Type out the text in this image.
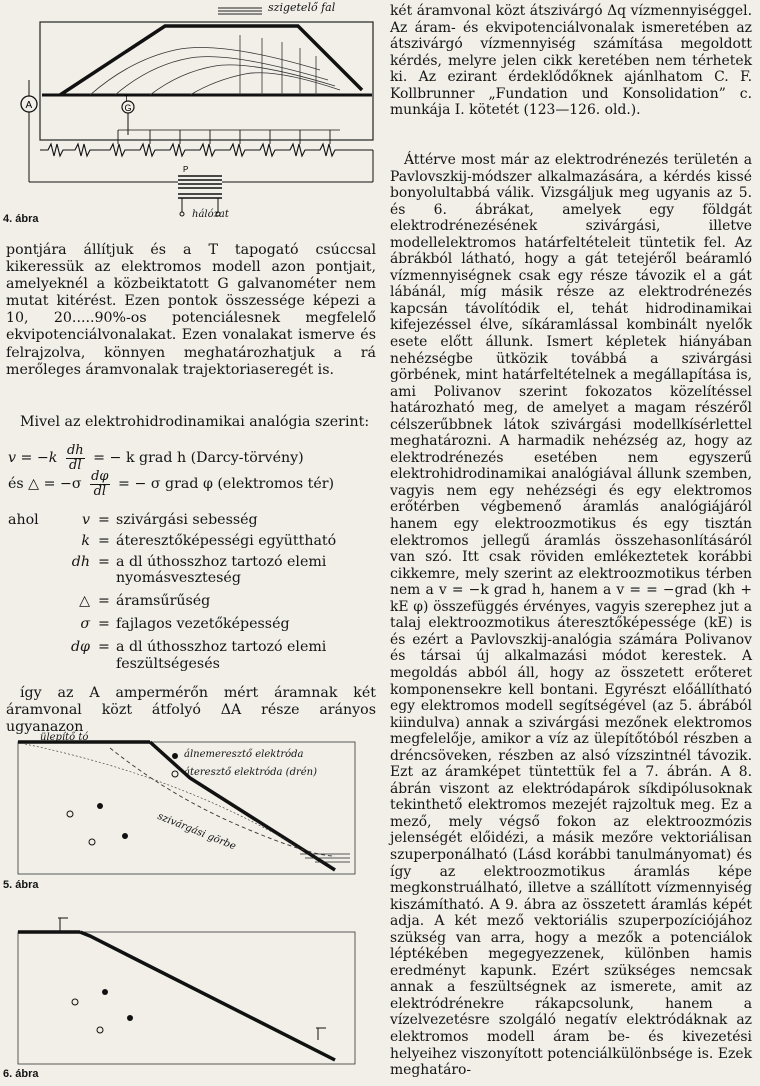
A	G
T
P
szigetelő fal
hálózat
4. ábra

pontjára állítjuk és a T tapogató csúccsal kikeressük az elektromos modell azon pontjait, amelyeknél a közbeiktatott G galvanométer nem mutat kitérést. Ezen pontok összessége képezi a 10, 20.....90%-os potenciálesnek megfelelő ekvipotenciálvonalakat. Ezen vonalakat ismerve és felrajzolva, könnyen meghatározhatjuk a rá merőleges áramvonalak trajektoriaseregét is.

Mivel az elektrohidrodinamikai analógia szerint:

$v = -k \frac{dh}{dl}$ = − k grad h (Darcy-törvény)
és △ = $-\sigma \frac{d\varphi}{dl}$ = − σ grad φ (elektromos tér)
ahol	v = szivárgási sebesség
k = áteresztőképességi együttható
dh = a dl úthosszhoz tartozó elemi nyomásveszteség
△ = áramsűrűség
σ = fajlagos vezetőképesség
dφ = a dl úthosszhoz tartozó elemi feszültségesés

így az A ampermérőn mért áramnak két áramvonal közt átfolyó ΔA része arányos ugyanazon

ülepítő tó
álnemeresztő elektróda
áteresztő elektróda (drén)
szivárgási görbe
5. ábra
6. ábra

két áramvonal közt átszivárgó Δq vízmennyiséggel. Az áram- és ekvipotenciálvonalak ismeretében az átszivárgó vízmennyiség számítása megoldott kérdés, melyre jelen cikk keretében nem térhetek ki. Az ezirant érdeklődőknek ajánlhatom C. F. Kollbrunner „Fundation und Konsolidation” c. munkája I. kötetét (123—126. old.).

Áttérve most már az elektrodrénezés területén a Pavlovszkij-módszer alkalmazására, a kérdés kissé bonyolultabbá válik. Vizsgáljuk meg ugyanis az 5. és 6. ábrákat, amelyek egy földgát elektrodrénezésének szivárgási, illetve modellelektromos határfeltételeit tüntetik fel. Az ábrákból látható, hogy a gát tetejéről beáramló vízmennyiségnek csak egy része távozik el a gát lábánál, míg másik része az elektrodrénezés kapcsán távolítódik el, tehát hidrodinamikai kifejezéssel élve, síkáramlással kombinált nyelők esete előtt állunk. Ismert képletek hiányában nehézségbe ütközik továbbá a szivárgási görbének, mint határfeltételnek a megállapítása is, ami Polivanov szerint fokozatos közelítéssel határozható meg, de amelyet a magam részéről célszerűbbnek látok szivárgási modellkísérlettel meghatározni. A harmadik nehézség az, hogy az elektrodrénezés esetében nem egyszerű elektrohidrodinamikai analógiával állunk szemben, vagyis nem egy nehézségi és egy elektromos erőtérben végbemenő áramlás analógiájáról hanem egy elektroozmotikus és egy tisztán elektromos jellegű áramlás összehasonlításáról van szó. Itt csak röviden emlékeztetek korábbi cikkemre, mely szerint az elektroozmotikus térben nem a v = −k grad h, hanem a v = = −grad (kh + kE φ) összefüggés érvényes, vagyis szerephez jut a talaj elektroozmotikus áteresztőképessége (kE) is és ezért a Pavlovszkij-analógia számára Polivanov és társai új alkalmazási módot kerestek. A megoldás abból áll, hogy az összetett erőteret komponensekre kell bontani. Egyrészt előállítható egy elektromos modell segítségével (az 5. ábrából kiindulva) annak a szivárgási mezőnek elektromos megfelelője, amikor a víz az ülepítőtóból részben a dréncsöveken, részben az alsó vízszintnél távozik. Ezt az áramképet tüntettük fel a 7. ábrán. A 8. ábrán viszont az elektródapárok síkdipólusoknak tekinthető elektromos mezejét rajzoltuk meg. Ez a mező, mely végső fokon az elektroozmózis jelenségét előidézi, a másik mezőre vektoriálisan szuperponálható (Lásd korábbi tanulmányomat) és így az elektroozmotikus áramlás képe megkonstruálható, illetve a szállított vízmennyiség kiszámítható. A 9. ábra az összetett áramlás képét adja. A két mező vektoriális szuperpozíciójához szükség van arra, hogy a mezők a potenciálok léptékében megegyezzenek, különben hamis eredményt kapunk. Ezért szükséges nemcsak annak a feszültségnek az ismerete, amit az elektródrénekre rákapcsolunk, hanem a vízelvezetésre szolgáló negatív elektródáknak az elektromos modell áram be- és kivezetési helyeihez viszonyított potenciálkülönbsége is. Ezek meghatáro-
